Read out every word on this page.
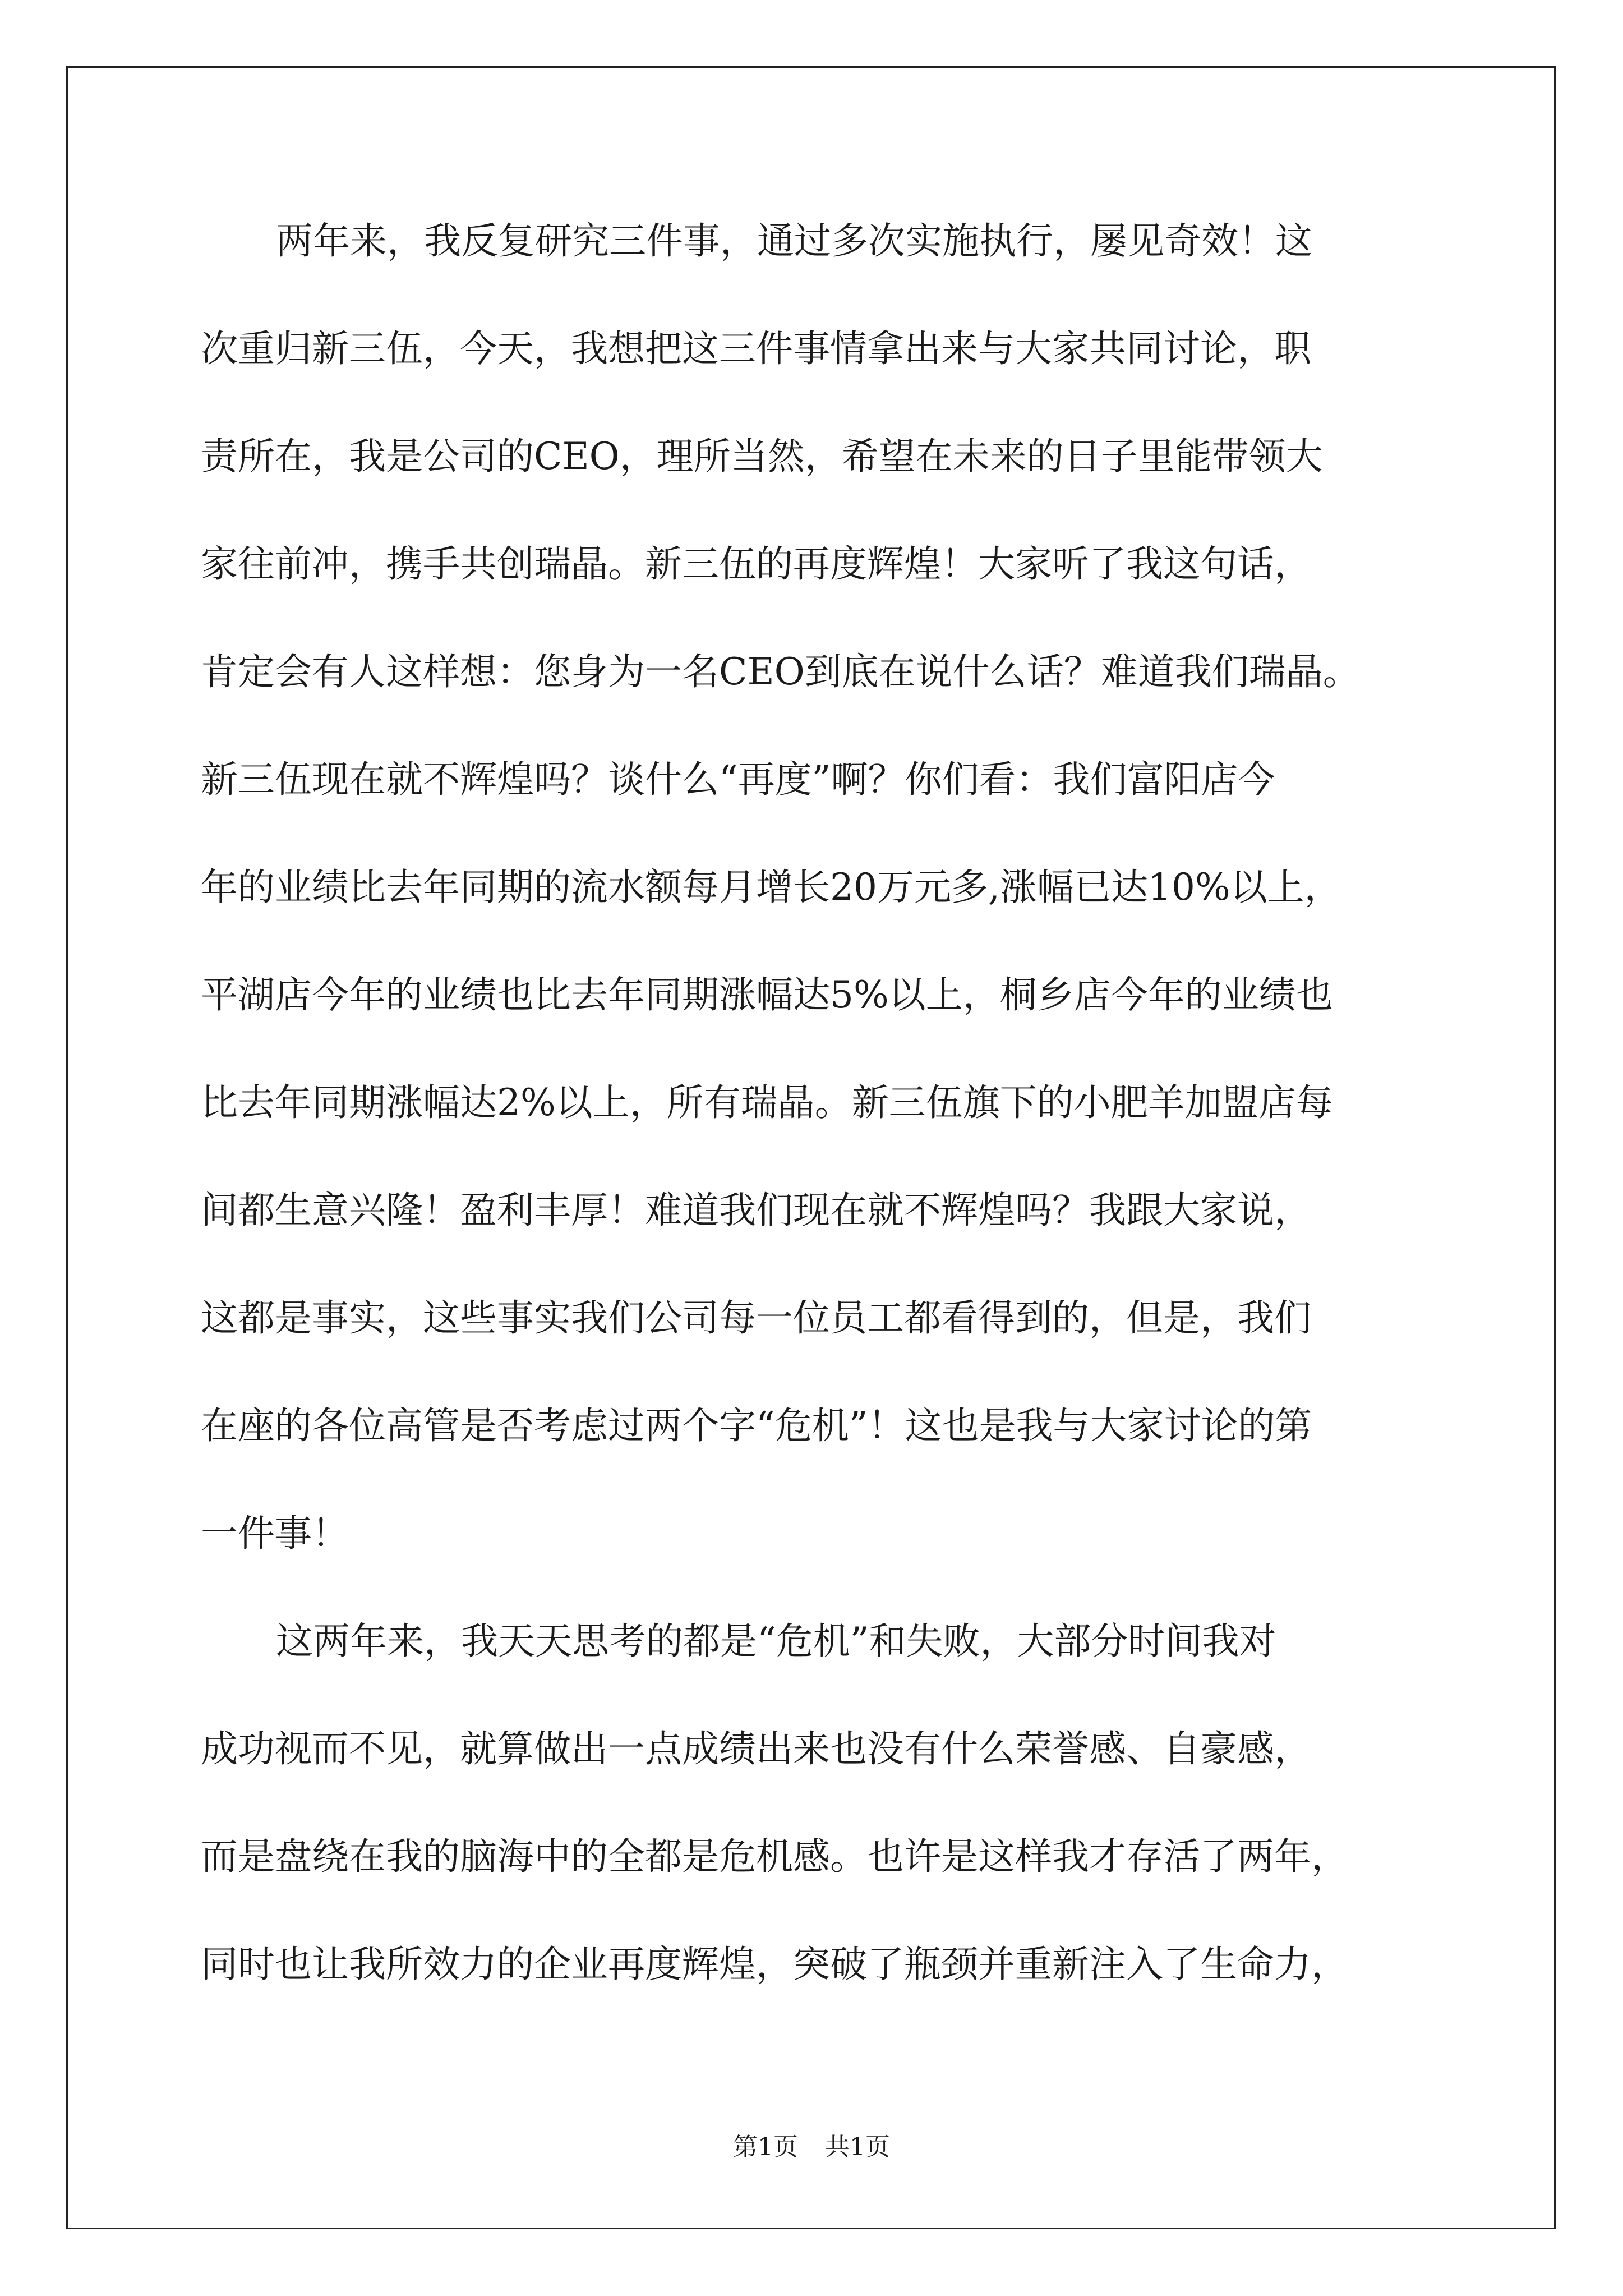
两年来，我反复研究三件事，通过多次实施执行，屡见奇效！这
次重归新三伍，今天，我想把这三件事情拿出来与大家共同讨论，职
责所在，我是公司的CEO，理所当然，希望在未来的日子里能带领大
家往前冲，携手共创瑞晶。新三伍的再度辉煌！大家听了我这句话，
肯定会有人这样想：您身为一名CEO到底在说什么话？难道我们瑞晶。
新三伍现在就不辉煌吗？谈什么“再度”啊？你们看：我们富阳店今
年的业绩比去年同期的流水额每月增长20万元多,涨幅已达10%以上，
平湖店今年的业绩也比去年同期涨幅达5%以上，桐乡店今年的业绩也
比去年同期涨幅达2%以上，所有瑞晶。新三伍旗下的小肥羊加盟店每
间都生意兴隆！盈利丰厚！难道我们现在就不辉煌吗？我跟大家说，
这都是事实，这些事实我们公司每一位员工都看得到的，但是，我们
在座的各位高管是否考虑过两个字“危机”！这也是我与大家讨论的第
一件事！
这两年来，我天天思考的都是“危机”和失败，大部分时间我对
成功视而不见，就算做出一点成绩出来也没有什么荣誉感、自豪感，
而是盘绕在我的脑海中的全都是危机感。也许是这样我才存活了两年，
同时也让我所效力的企业再度辉煌，突破了瓶颈并重新注入了生命力，
第1页 共1页
